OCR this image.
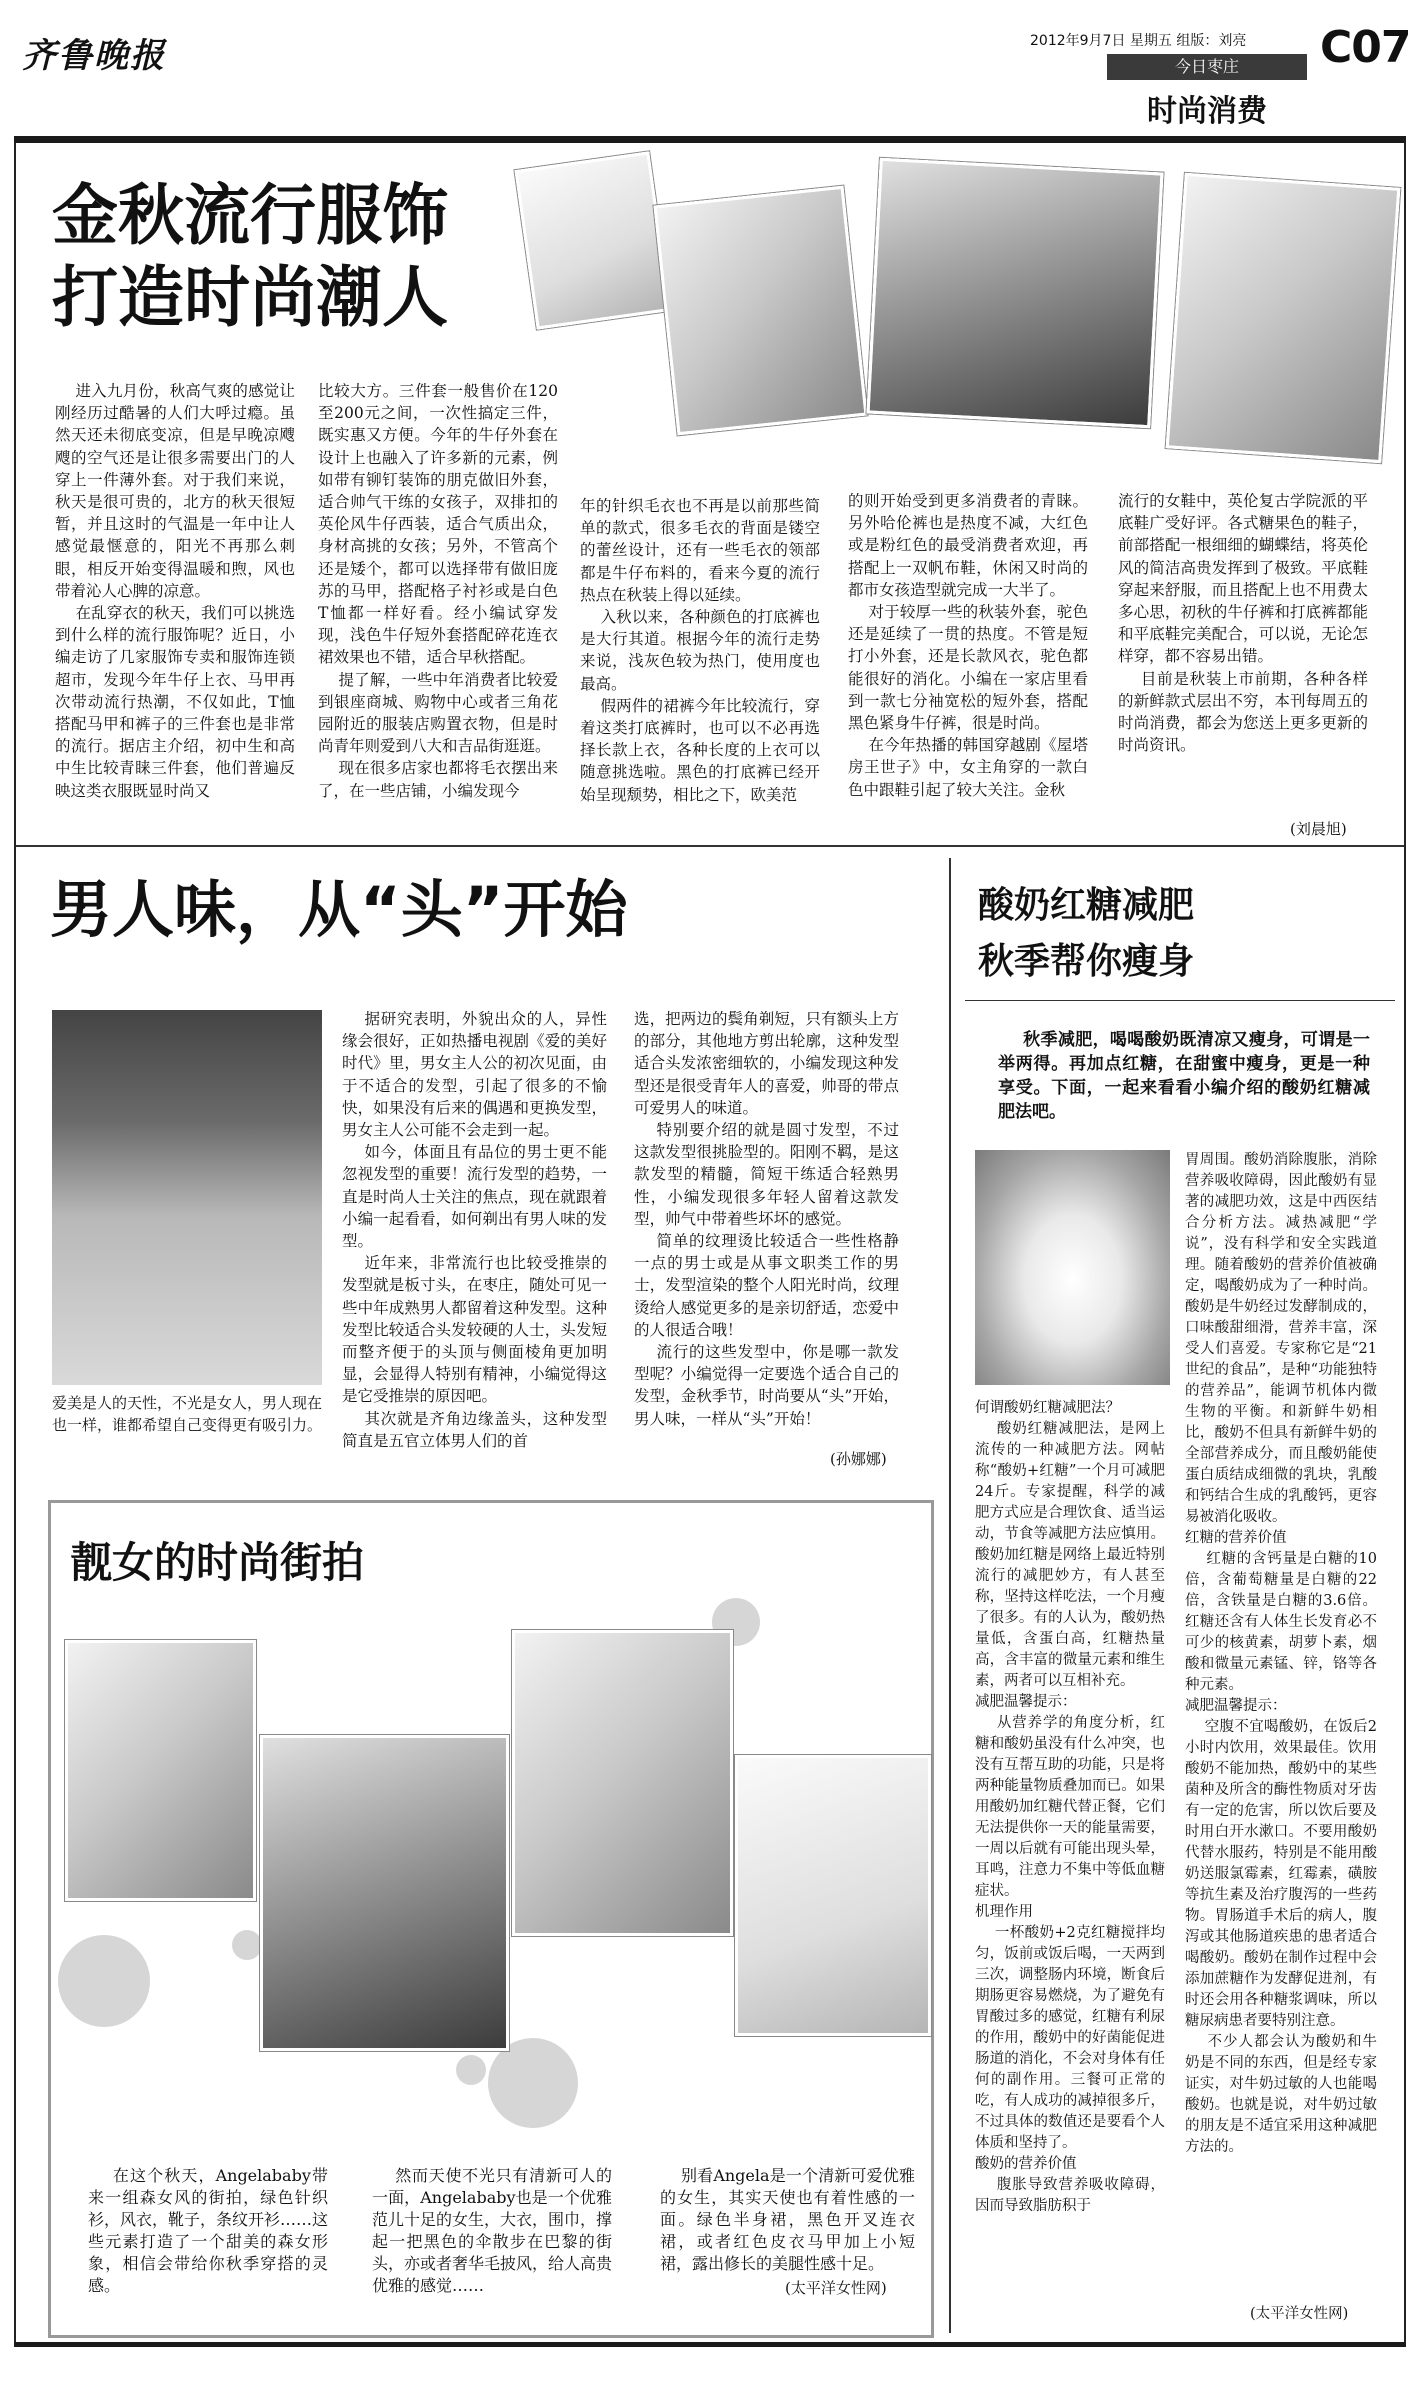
齐鲁晚报	2012年9月7日 星期五 组版：刘亮	C07
今日枣庄
时尚消费
金秋流行服饰
打造时尚潮人
进入九月份，秋高气爽的感觉让刚经历过酷暑的人们大呼过瘾。虽然天还未彻底变凉，但是早晚凉飕飕的空气还是让很多需要出门的人穿上一件薄外套。对于我们来说，秋天是很可贵的，北方的秋天很短暂，并且这时的气温是一年中让人感觉最惬意的，阳光不再那么刺眼，相反开始变得温暖和煦，风也带着沁人心脾的凉意。
在乱穿衣的秋天，我们可以挑选到什么样的流行服饰呢？近日，小编走访了几家服饰专卖和服饰连锁超市，发现今年牛仔上衣、马甲再次带动流行热潮，不仅如此，T恤搭配马甲和裤子的三件套也是非常的流行。据店主介绍，初中生和高中生比较青睐三件套，他们普遍反映这类衣服既显时尚又
比较大方。三件套一般售价在120至200元之间，一次性搞定三件，既实惠又方便。今年的牛仔外套在设计上也融入了许多新的元素，例如带有铆钉装饰的朋克做旧外套，适合帅气干练的女孩子，双排扣的英伦风牛仔西装，适合气质出众，身材高挑的女孩；另外，不管高个还是矮个，都可以选择带有做旧庞苏的马甲，搭配格子衬衫或是白色T恤都一样好看。经小编试穿发现，浅色牛仔短外套搭配碎花连衣裙效果也不错，适合早秋搭配。
提了解，一些中年消费者比较爱到银座商城、购物中心或者三角花园附近的服装店购置衣物，但是时尚青年则爱到八大和吉品街逛逛。
现在很多店家也都将毛衣摆出来了，在一些店铺，小编发现今
年的针织毛衣也不再是以前那些简单的款式，很多毛衣的背面是镂空的蕾丝设计，还有一些毛衣的领部都是牛仔布料的，看来今夏的流行热点在秋装上得以延续。
入秋以来，各种颜色的打底裤也是大行其道。根据今年的流行走势来说，浅灰色较为热门，使用度也最高。
假两件的裙裤今年比较流行，穿着这类打底裤时，也可以不必再选择长款上衣，各种长度的上衣可以随意挑选啦。黑色的打底裤已经开始呈现颓势，相比之下，欧美范
的则开始受到更多消费者的青睐。另外哈伦裤也是热度不减，大红色或是粉红色的最受消费者欢迎，再搭配上一双帆布鞋，休闲又时尚的都市女孩造型就完成一大半了。
对于较厚一些的秋装外套，驼色还是延续了一贯的热度。不管是短打小外套，还是长款风衣，驼色都能很好的消化。小编在一家店里看到一款七分袖宽松的短外套，搭配黑色紧身牛仔裤，很是时尚。
在今年热播的韩国穿越剧《屋塔房王世子》中，女主角穿的一款白色中跟鞋引起了较大关注。金秋
流行的女鞋中，英伦复古学院派的平底鞋广受好评。各式糖果色的鞋子，前部搭配一根细细的蝴蝶结，将英伦风的简洁高贵发挥到了极致。平底鞋穿起来舒服，而且搭配上也不用费太多心思，初秋的牛仔裤和打底裤都能和平底鞋完美配合，可以说，无论怎样穿，都不容易出错。
目前是秋装上市前期，各种各样的新鲜款式层出不穷，本刊每周五的时尚消费，都会为您送上更多更新的时尚资讯。
(刘晨旭)
男人味，从“头”开始
爱美是人的天性，不光是女人，男人现在也一样，谁都希望自己变得更有吸引力。
据研究表明，外貌出众的人，异性缘会很好，正如热播电视剧《爱的美好时代》里，男女主人公的初次见面，由于不适合的发型，引起了很多的不愉快，如果没有后来的偶遇和更换发型，男女主人公可能不会走到一起。
如今，体面且有品位的男士更不能忽视发型的重要！流行发型的趋势，一直是时尚人士关注的焦点，现在就跟着小编一起看看，如何剃出有男人味的发型。
近年来，非常流行也比较受推崇的发型就是板寸头，在枣庄，随处可见一些中年成熟男人都留着这种发型。这种发型比较适合头发较硬的人士，头发短而整齐便于的头顶与侧面棱角更加明显，会显得人特别有精神，小编觉得这是它受推崇的原因吧。
其次就是齐角边缘盖头，这种发型简直是五官立体男人们的首
选，把两边的鬓角剃短，只有额头上方的部分，其他地方剪出轮廓，这种发型适合头发浓密细软的，小编发现这种发型还是很受青年人的喜爱，帅哥的带点可爱男人的味道。
特别要介绍的就是圆寸发型，不过这款发型很挑脸型的。阳刚不羁，是这款发型的精髓，简短干练适合轻熟男性，小编发现很多年轻人留着这款发型，帅气中带着些坏坏的感觉。
简单的纹理烫比较适合一些性格静一点的男士或是从事文职类工作的男士，发型渲染的整个人阳光时尚，纹理烫给人感觉更多的是亲切舒适，恋爱中的人很适合哦！
流行的这些发型中，你是哪一款发型呢？小编觉得一定要选个适合自己的发型，金秋季节，时尚要从“头”开始，男人味，一样从“头”开始！
(孙娜娜)
酸奶红糖减肥
秋季帮你瘦身
秋季减肥，喝喝酸奶既清凉又瘦身，可谓是一举两得。再加点红糖，在甜蜜中瘦身，更是一种享受。下面，一起来看看小编介绍的酸奶红糖减肥法吧。
何谓酸奶红糖减肥法？
酸奶红糖减肥法，是网上流传的一种减肥方法。网帖称“酸奶+红糖”一个月可减肥24斤。专家提醒，科学的减肥方式应是合理饮食、适当运动，节食等减肥方法应慎用。酸奶加红糖是网络上最近特别流行的减肥妙方，有人甚至称，坚持这样吃法，一个月瘦了很多。有的人认为，酸奶热量低，含蛋白高，红糖热量高，含丰富的微量元素和维生素，两者可以互相补充。
减肥温馨提示：
从营养学的角度分析，红糖和酸奶虽没有什么冲突，也没有互帮互助的功能，只是将两种能量物质叠加而已。如果用酸奶加红糖代替正餐，它们无法提供你一天的能量需要，一周以后就有可能出现头晕，耳鸣，注意力不集中等低血糖症状。
机理作用
一杯酸奶+2克红糖搅拌均匀，饭前或饭后喝，一天两到三次，调整肠内环境，断食后期肠更容易燃烧，为了避免有胃酸过多的感觉，红糖有利尿的作用，酸奶中的好菌能促进肠道的消化，不会对身体有任何的副作用。三餐可正常的吃，有人成功的减掉很多斤，不过具体的数值还是要看个人体质和坚持了。
酸奶的营养价值
腹胀导致营养吸收障碍，因而导致脂肪积于
胃周围。酸奶消除腹胀，消除营养吸收障碍，因此酸奶有显著的减肥功效，这是中西医结合分析方法。减热减肥“学说”，没有科学和安全实践道理。随着酸奶的营养价值被确定，喝酸奶成为了一种时尚。酸奶是牛奶经过发酵制成的，口味酸甜细滑，营养丰富，深受人们喜爱。专家称它是“21世纪的食品”，是种“功能独特的营养品”，能调节机体内微生物的平衡。和新鲜牛奶相比，酸奶不但具有新鲜牛奶的全部营养成分，而且酸奶能使蛋白质结成细微的乳块，乳酸和钙结合生成的乳酸钙，更容易被消化吸收。
红糖的营养价值
红糖的含钙量是白糖的10倍，含葡萄糖量是白糖的22倍，含铁量是白糖的3.6倍。红糖还含有人体生长发育必不可少的核黄素，胡萝卜素，烟酸和微量元素锰、锌，铬等各种元素。
减肥温馨提示：
空腹不宜喝酸奶，在饭后2小时内饮用，效果最佳。饮用酸奶不能加热，酸奶中的某些菌种及所含的酶性物质对牙齿有一定的危害，所以饮后要及时用白开水漱口。不要用酸奶代替水服药，特别是不能用酸奶送服氯霉素，红霉素，磺胺等抗生素及治疗腹泻的一些药物。胃肠道手术后的病人，腹泻或其他肠道疾患的患者适合喝酸奶。酸奶在制作过程中会添加蔗糖作为发酵促进剂，有时还会用各种糖浆调味，所以糖尿病患者要特别注意。
不少人都会认为酸奶和牛奶是不同的东西，但是经专家证实，对牛奶过敏的人也能喝酸奶。也就是说，对牛奶过敏的朋友是不适宜采用这种减肥方法的。
(太平洋女性网)
靓女的时尚街拍
在这个秋天，Angelababy带来一组森女风的街拍，绿色针织衫，风衣，靴子，条纹开衫……这些元素打造了一个甜美的森女形象，相信会带给你秋季穿搭的灵感。
然而天使不光只有清新可人的一面，Angelababy也是一个优雅范儿十足的女生，大衣，围巾，撑起一把黑色的伞散步在巴黎的街头，亦或者奢华毛披风，给人高贵优雅的感觉……
别看Angela是一个清新可爱优雅的女生，其实天使也有着性感的一面。绿色半身裙，黑色开叉连衣裙，或者红色皮衣马甲加上小短裙，露出修长的美腿性感十足。
(太平洋女性网)
